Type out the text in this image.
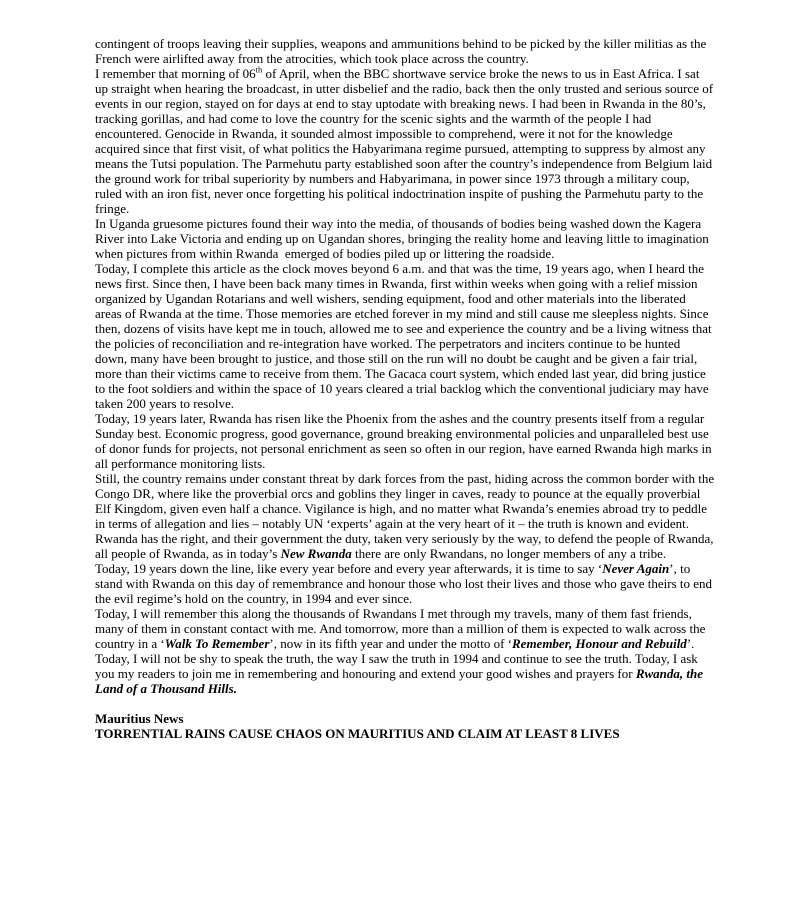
contingent of troops leaving their supplies, weapons and ammunitions behind to be picked by the killer militias as the French were airlifted away from the atrocities, which took place across the country.
I remember that morning of 06th of April, when the BBC shortwave service broke the news to us in East Africa. I sat up straight when hearing the broadcast, in utter disbelief and the radio, back then the only trusted and serious source of events in our region, stayed on for days at end to stay uptodate with breaking news. I had been in Rwanda in the 80’s, tracking gorillas, and had come to love the country for the scenic sights and the warmth of the people I had encountered. Genocide in Rwanda, it sounded almost impossible to comprehend, were it not for the knowledge acquired since that first visit, of what politics the Habyarimana regime pursued, attempting to suppress by almost any means the Tutsi population. The Parmehutu party established soon after the country’s independence from Belgium laid the ground work for tribal superiority by numbers and Habyarimana, in power since 1973 through a military coup, ruled with an iron fist, never once forgetting his political indoctrination inspite of pushing the Parmehutu party to the fringe.
In Uganda gruesome pictures found their way into the media, of thousands of bodies being washed down the Kagera River into Lake Victoria and ending up on Ugandan shores, bringing the reality home and leaving little to imagination when pictures from within Rwanda  emerged of bodies piled up or littering the roadside.
Today, I complete this article as the clock moves beyond 6 a.m. and that was the time, 19 years ago, when I heard the news first. Since then, I have been back many times in Rwanda, first within weeks when going with a relief mission organized by Ugandan Rotarians and well wishers, sending equipment, food and other materials into the liberated areas of Rwanda at the time. Those memories are etched forever in my mind and still cause me sleepless nights. Since then, dozens of visits have kept me in touch, allowed me to see and experience the country and be a living witness that the policies of reconciliation and re-integration have worked. The perpetrators and inciters continue to be hunted down, many have been brought to justice, and those still on the run will no doubt be caught and be given a fair trial, more than their victims came to receive from them. The Gacaca court system, which ended last year, did bring justice to the foot soldiers and within the space of 10 years cleared a trial backlog which the conventional judiciary may have taken 200 years to resolve.
Today, 19 years later, Rwanda has risen like the Phoenix from the ashes and the country presents itself from a regular Sunday best. Economic progress, good governance, ground breaking environmental policies and unparalleled best use of donor funds for projects, not personal enrichment as seen so often in our region, have earned Rwanda high marks in all performance monitoring lists.
Still, the country remains under constant threat by dark forces from the past, hiding across the common border with the Congo DR, where like the proverbial orcs and goblins they linger in caves, ready to pounce at the equally proverbial Elf Kingdom, given even half a chance. Vigilance is high, and no matter what Rwanda’s enemies abroad try to peddle in terms of allegation and lies – notably UN ‘experts’ again at the very heart of it – the truth is known and evident. Rwanda has the right, and their government the duty, taken very seriously by the way, to defend the people of Rwanda, all people of Rwanda, as in today’s New Rwanda there are only Rwandans, no longer members of any a tribe.
Today, 19 years down the line, like every year before and every year afterwards, it is time to say ‘Never Again’, to stand with Rwanda on this day of remembrance and honour those who lost their lives and those who gave theirs to end the evil regime’s hold on the country, in 1994 and ever since.
Today, I will remember this along the thousands of Rwandans I met through my travels, many of them fast friends, many of them in constant contact with me. And tomorrow, more than a million of them is expected to walk across the country in a ‘Walk To Remember’, now in its fifth year and under the motto of ‘Remember, Honour and Rebuild’.
Today, I will not be shy to speak the truth, the way I saw the truth in 1994 and continue to see the truth. Today, I ask you my readers to join me in remembering and honouring and extend your good wishes and prayers for Rwanda, the Land of a Thousand Hills.
Mauritius News
TORRENTIAL RAINS CAUSE CHAOS ON MAURITIUS AND CLAIM AT LEAST 8 LIVES
